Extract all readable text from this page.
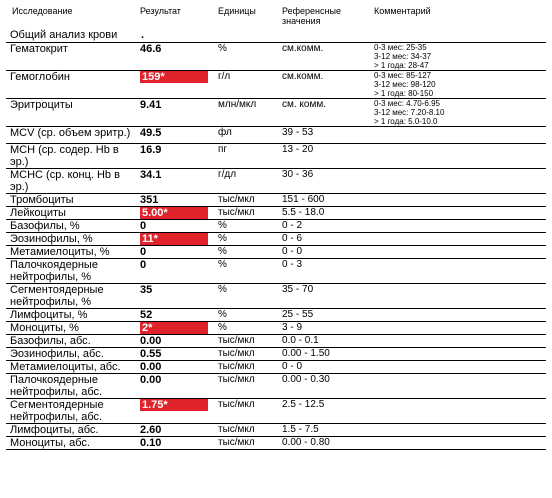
Исследование	Результат	Единицы	Референсные значения
Комментарий
Общий анализ крови .
Гематокрит	46.6	%	см.комм.	0-3 мес: 25-35
3-12 мес: 34-37
> 1 года: 28-47

Гемоглобин	159*	г/л	см.комм.	0-3 мес: 85-127
3-12 мес: 98-120
> 1 года: 80-150

Эритроциты	9.41	млн/мкл	см. комм.	0-3 мес: 4.70-6.95
3-12 мес: 7.20-8.10
> 1 года: 5.0-10.0

MCV (ср. объем эритр.)	49.5	фл	39 - 53	
MCH (ср. содер. Hb в эр.)	16.9	пг	13 - 20	
MCHC (ср. конц. Hb в эр.)	34.1	г/дл	30 - 36	
Тромбоциты	351	тыс/мкл	151 - 600	
Лейкоциты	5.00*	тыс/мкл	5.5 - 18.0	
Базофилы, %	0	%	0 - 2	
Эозинофилы, %	11*	%	0 - 6	
Метамиелоциты, %	0	%	0 - 0	
Палочкоядерные нейтрофилы, %	0	%	0 - 3	
Сегментоядерные нейтрофилы, %	35	%	35 - 70	
Лимфоциты, %	52	%	25 - 55	
Моноциты, %	2*	%	3 - 9	
Базофилы, абс.	0.00	тыс/мкл	0.0 - 0.1	
Эозинофилы, абс.	0.55	тыс/мкл	0.00 - 1.50	
Метамиелоциты, абс.	0.00	тыс/мкл	0 - 0	
Палочкоядерные нейтрофилы, абс.	0.00	тыс/мкл	0.00 - 0.30	
Сегментоядерные нейтрофилы, абс.	1.75*	тыс/мкл	2.5 - 12.5	
Лимфоциты, абс.	2.60	тыс/мкл	1.5 - 7.5	
Моноциты, абс.	0.10	тыс/мкл	0.00 - 0.80	
